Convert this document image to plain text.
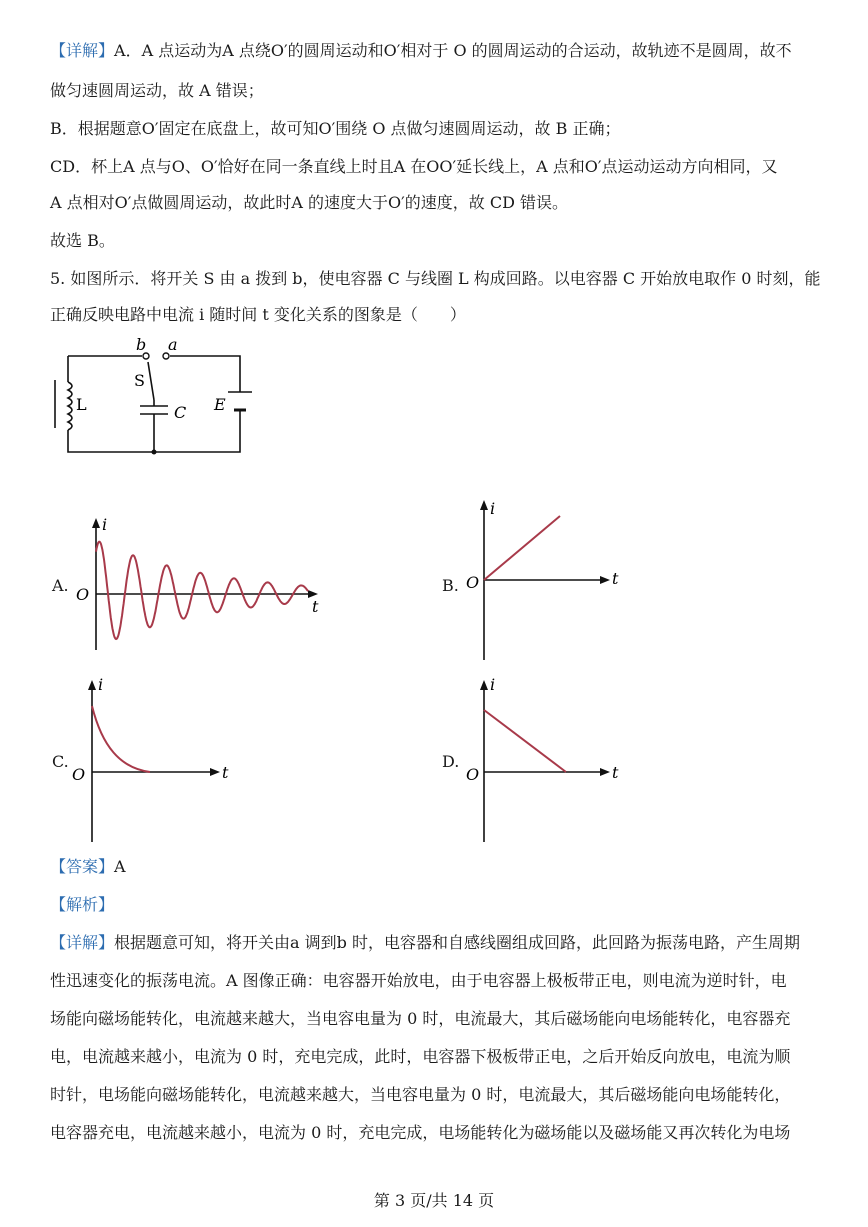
【详解】A．A 点运动为A 点绕O′的圆周运动和O′相对于 O 的圆周运动的合运动，故轨迹不是圆周，故不
做匀速圆周运动，故 A 错误；
B．根据题意O′固定在底盘上，故可知O′围绕 O 点做匀速圆周运动，故 B 正确；
CD．杯上A 点与O、O′恰好在同一条直线上时且A 在OO′延长线上，A 点和O′点运动运动方向相同，又
A 点相对O′点做圆周运动，故此时A 的速度大于O′的速度，故 CD 错误。
故选 B。
5. 如图所示．将开关 S 由 a 拨到 b，使电容器 C 与线圈 L 构成回路。以电容器 C 开始放电取作 0 时刻，能
正确反映电路中电流 i 随时间 t 变化关系的图象是（　　）
b a
S
L	C E
A.
i
O
t
B.
i
O	t
C.
i
O	t
D.
i
O	t
【答案】A
【解析】
【详解】根据题意可知，将开关由a 调到b 时，电容器和自感线圈组成回路，此回路为振荡电路，产生周期
性迅速变化的振荡电流。A 图像正确：电容器开始放电，由于电容器上极板带正电，则电流为逆时针，电
场能向磁场能转化，电流越来越大，当电容电量为 0 时，电流最大，其后磁场能向电场能转化，电容器充
电，电流越来越小，电流为 0 时，充电完成，此时，电容器下极板带正电，之后开始反向放电，电流为顺
时针，电场能向磁场能转化，电流越来越大，当电容电量为 0 时，电流最大，其后磁场能向电场能转化，
电容器充电，电流越来越小，电流为 0 时，充电完成，电场能转化为磁场能以及磁场能又再次转化为电场
第 3 页/共 14 页
